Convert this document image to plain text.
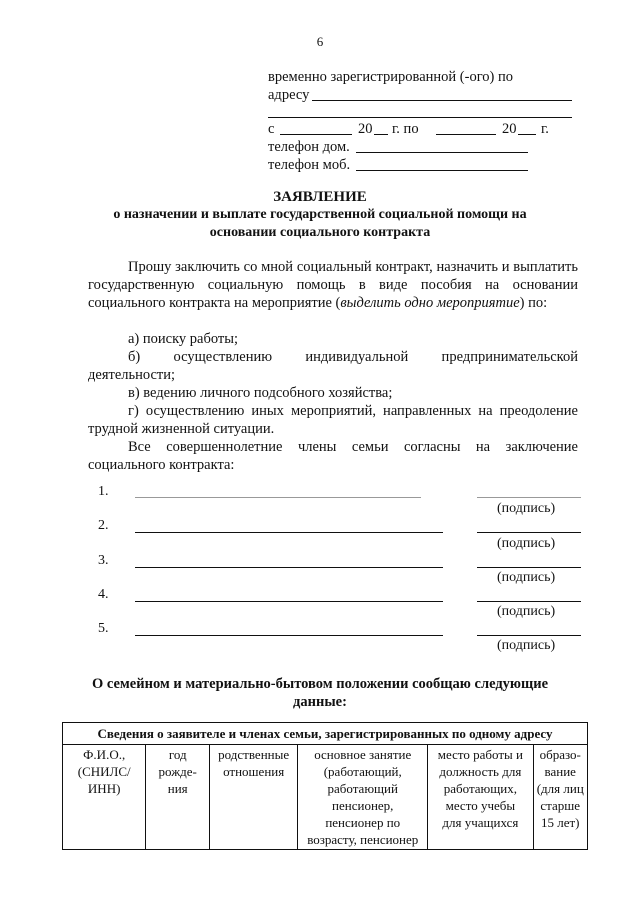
6
временно зарегистрированной (-ого) по
адресу
с	20 г. по	20 г.
телефон дом.
телефон моб.
ЗАЯВЛЕНИЕ
о назначении и выплате государственной социальной помощи на
основании социального контракта
Прошу заключить со мной социальный контракт, назначить и выплатить государственную социальную помощь в виде пособия на основании социального контракта на мероприятие (выделить одно мероприятие) по:
а) поиску работы;
б) осуществлению индивидуальной предпринимательской деятельности;
в) ведению личного подсобного хозяйства;
г) осуществлению иных мероприятий, направленных на преодоление трудной жизненной ситуации.
Все совершеннолетние члены семьи согласны на заключение социального контракта:
1.
(подпись)
2.
(подпись)
3.
(подпись)
4.
(подпись)
5.
(подпись)
О семейном и материально-бытовом положении сообщаю следующие
данные:
Сведения о заявителе и членах семьи, зарегистрированных по одному адресу
Ф.И.О.,
(СНИЛС/
ИНН)	год
рожде-
ния	родственные
отношения	основное занятие
(работающий,
работающий
пенсионер,
пенсионер по
возрасту, пенсионер	место работы и
должность для
работающих,
место учебы
для учащихся	образо-
вание
(для лиц
старше
15 лет)
